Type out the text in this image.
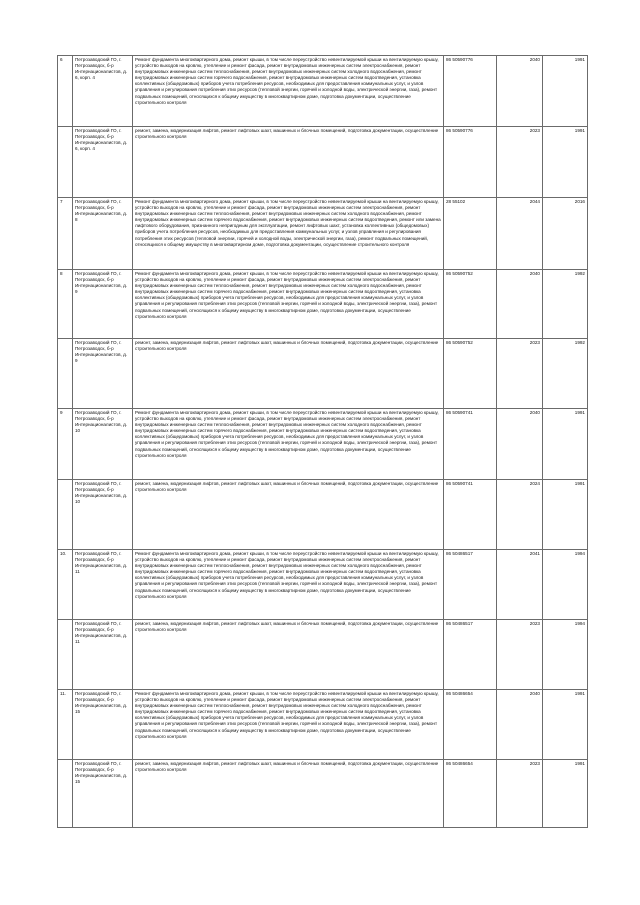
6	Петрозаводский ГО, г. Петрозаводск, б-р Интернационалистов, д. 6, корп. 4	Ремонт фундамента многоквартирного дома, ремонт крыши, в том числе переустройство невентилируемой крыши на вентилируемую крышу, устройство выходов на кровлю, утепление и ремонт фасада, ремонт внутридомовых инженерных систем электроснабжения, ремонт внутридомовых инженерных систем теплоснабжения, ремонт внутридомовых инженерных систем холодного водоснабжения, ремонт внутридомовых инженерных систем горячего водоснабжения, ремонт внутридомовых инженерных систем водоотведения, установка коллективных (общедомовых) приборов учета потребления ресурсов, необходимых для предоставления коммунальных услуг, и узлов управления и регулирования потребления этих ресурсов (тепловой энергии, горячей и холодной воды, электрической энергии, газа), ремонт подвальных помещений, относящихся к общему имуществу в многоквартирном доме, подготовка документации, осуществление строительного контроля	86 50590776	2040	1991
	Петрозаводский ГО, г. Петрозаводск, б-р Интернационалистов, д. 6, корп. 4	ремонт, замена, модернизация лифтов, ремонт лифтовых шахт, машинных и блочных помещений, подготовка документации, осуществление строительного контроля	86 50590776	2023	1991
7	Петрозаводский ГО, г. Петрозаводск, б-р Интернационалистов, д. 8	Ремонт фундамента многоквартирного дома, ремонт крыши, в том числе переустройство невентилируемой крыши на вентилируемую крышу, устройство выходов на кровлю, утепление и ремонт фасада, ремонт внутридомовых инженерных систем электроснабжения, ремонт внутридомовых инженерных систем теплоснабжения, ремонт внутридомовых инженерных систем холодного водоснабжения, ремонт внутридомовых инженерных систем горячего водоснабжения, ремонт внутридомовых инженерных систем водоотведения, ремонт или замена лифтового оборудования, признанного непригодным для эксплуатации, ремонт лифтовых шахт, установка коллективных (общедомовых) приборов учета потребления ресурсов, необходимых для предоставления коммунальных услуг, и узлов управления и регулирования потребления этих ресурсов (тепловой энергии, горячей и холодной воды, электрической энергии, газа), ремонт подвальных помещений, относящихся к общему имуществу в многоквартирном доме, подготовка документации, осуществление строительного контроля	28 55102	2044	2016
8	Петрозаводский ГО, г. Петрозаводск, б-р Интернационалистов, д. 9	Ремонт фундамента многоквартирного дома, ремонт крыши, в том числе переустройство невентилируемой крыши на вентилируемую крышу, устройство выходов на кровлю, утепление и ремонт фасада, ремонт внутридомовых инженерных систем электроснабжения, ремонт внутридомовых инженерных систем теплоснабжения, ремонт внутридомовых инженерных систем холодного водоснабжения, ремонт внутридомовых инженерных систем горячего водоснабжения, ремонт внутридомовых инженерных систем водоотведения, установка коллективных (общедомовых) приборов учета потребления ресурсов, необходимых для предоставления коммунальных услуг, и узлов управления и регулирования потребления этих ресурсов (тепловой энергии, горячей и холодной воды, электрической энергии, газа), ремонт подвальных помещений, относящихся к общему имуществу в многоквартирном доме, подготовка документации, осуществление строительного контроля	86 50590752	2040	1992
	Петрозаводский ГО, г. Петрозаводск, б-р Интернационалистов, д. 9	ремонт, замена, модернизация лифтов, ремонт лифтовых шахт, машинных и блочных помещений, подготовка документации, осуществление строительного контроля	86 50590752	2023	1992
9	Петрозаводский ГО, г. Петрозаводск, б-р Интернационалистов, д. 10	Ремонт фундамента многоквартирного дома, ремонт крыши, в том числе переустройство невентилируемой крыши на вентилируемую крышу, устройство выходов на кровлю, утепление и ремонт фасада, ремонт внутридомовых инженерных систем электроснабжения, ремонт внутридомовых инженерных систем теплоснабжения, ремонт внутридомовых инженерных систем холодного водоснабжения, ремонт внутридомовых инженерных систем горячего водоснабжения, ремонт внутридомовых инженерных систем водоотведения, установка коллективных (общедомовых) приборов учета потребления ресурсов, необходимых для предоставления коммунальных услуг, и узлов управления и регулирования потребления этих ресурсов (тепловой энергии, горячей и холодной воды, электрической энергии, газа), ремонт подвальных помещений, относящихся к общему имуществу в многоквартирном доме, подготовка документации, осуществление строительного контроля	86 50590741	2040	1991
	Петрозаводский ГО, г. Петрозаводск, б-р Интернационалистов, д. 10	ремонт, замена, модернизация лифтов, ремонт лифтовых шахт, машинных и блочных помещений, подготовка документации, осуществление строительного контроля	86 50590741	2024	1991
10.	Петрозаводский ГО, г. Петрозаводск, б-р Интернационалистов, д. 11	Ремонт фундамента многоквартирного дома, ремонт крыши, в том числе переустройство невентилируемой крыши на вентилируемую крышу, устройство выходов на кровлю, утепление и ремонт фасада, ремонт внутридомовых инженерных систем электроснабжения, ремонт внутридомовых инженерных систем теплоснабжения, ремонт внутридомовых инженерных систем холодного водоснабжения, ремонт внутридомовых инженерных систем горячего водоснабжения, ремонт внутридомовых инженерных систем водоотведения, установка коллективных (общедомовых) приборов учета потребления ресурсов, необходимых для предоставления коммунальных услуг, и узлов управления и регулирования потребления этих ресурсов (тепловой энергии, горячей и холодной воды, электрической энергии, газа), ремонт подвальных помещений, относящихся к общему имуществу в многоквартирном доме, подготовка документации, осуществление строительного контроля	86 50486517	2041	1994
	Петрозаводский ГО, г. Петрозаводск, б-р Интернационалистов, д. 11	ремонт, замена, модернизация лифтов, ремонт лифтовых шахт, машинных и блочных помещений, подготовка документации, осуществление строительного контроля	86 50486517	2023	1994
11.	Петрозаводский ГО, г. Петрозаводск, б-р Интернационалистов, д. 15	Ремонт фундамента многоквартирного дома, ремонт крыши, в том числе переустройство невентилируемой крыши на вентилируемую крышу, устройство выходов на кровлю, утепление и ремонт фасада, ремонт внутридомовых инженерных систем электроснабжения, ремонт внутридомовых инженерных систем теплоснабжения, ремонт внутридомовых инженерных систем холодного водоснабжения, ремонт внутридомовых инженерных систем горячего водоснабжения, ремонт внутридомовых инженерных систем водоотведения, установка коллективных (общедомовых) приборов учета потребления ресурсов, необходимых для предоставления коммунальных услуг, и узлов управления и регулирования потребления этих ресурсов (тепловой энергии, горячей и холодной воды, электрической энергии, газа), ремонт подвальных помещений, относящихся к общему имуществу в многоквартирном доме, подготовка документации, осуществление строительного контроля	86 50486654	2040	1991
	Петрозаводский ГО, г. Петрозаводск, б-р Интернационалистов, д. 15	ремонт, замена, модернизация лифтов, ремонт лифтовых шахт, машинных и блочных помещений, подготовка документации, осуществление строительного контроля	86 50486654	2023	1991
